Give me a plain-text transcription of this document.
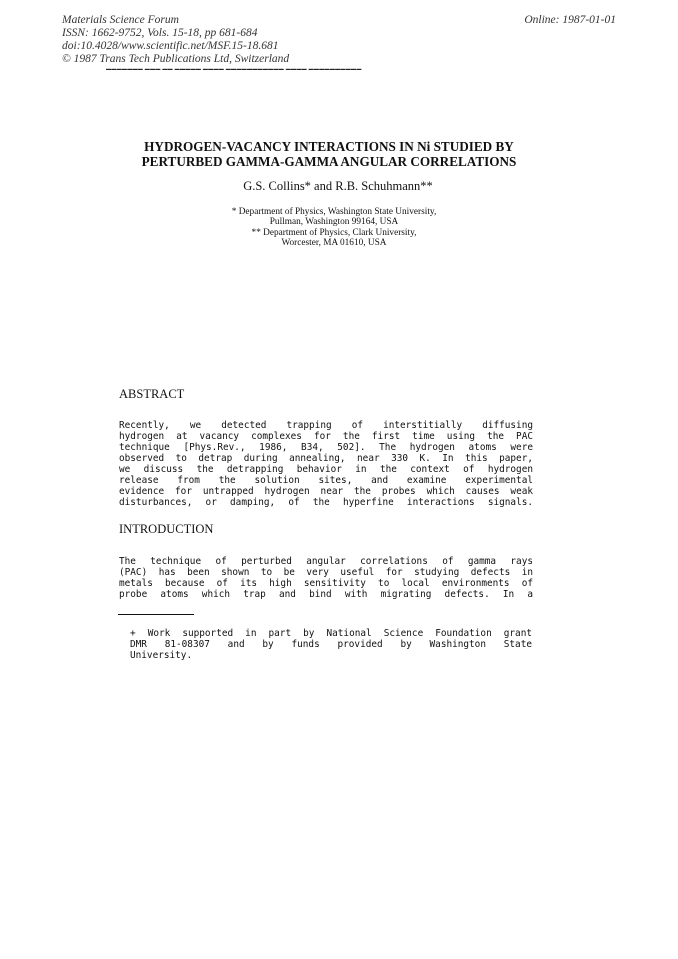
Materials Science Forum
ISSN: 1662-9752, Vols. 15-18, pp 681-684
doi:10.4028/www.scientific.net/MSF.15-18.681
© 1987 Trans Tech Publications Ltd, Switzerland
Online: 1987-01-01
▬▬▬▬▬▬▬ ▬▬▬ ▬▬ ▬▬▬▬▬ ▬▬▬▬ ▬▬▬▬▬▬▬▬▬▬▬ ▬▬▬▬ ▬▬▬▬▬▬▬▬▬▬
HYDROGEN-VACANCY INTERACTIONS IN Ni STUDIED BY
PERTURBED GAMMA-GAMMA ANGULAR CORRELATIONS
G.S. Collins* and R.B. Schuhmann**
* Department of Physics, Washington State University,
Pullman, Washington 99164, USA
** Department of Physics, Clark University,
Worcester, MA 01610, USA
ABSTRACT
Recently, we detected trapping of interstitially diffusing
hydrogen at vacancy complexes for the first time using the PAC
technique [Phys.Rev., 1986, B34, 502]. The hydrogen atoms were
observed to detrap during annealing, near 330 K. In this paper,
we discuss the detrapping behavior in the context of hydrogen
release from the solution sites, and examine experimental
evidence for untrapped hydrogen near the probes which causes weak
disturbances, or damping, of the hyperfine interactions signals.
INTRODUCTION
The technique of perturbed angular correlations of gamma rays
(PAC) has been shown to be very useful for studying defects in
metals because of its high sensitivity to local environments of
probe atoms which trap and bind with migrating defects. In a
+ Work supported in part by National Science Foundation grant
DMR 81-08307 and by funds provided by Washington State
University.
